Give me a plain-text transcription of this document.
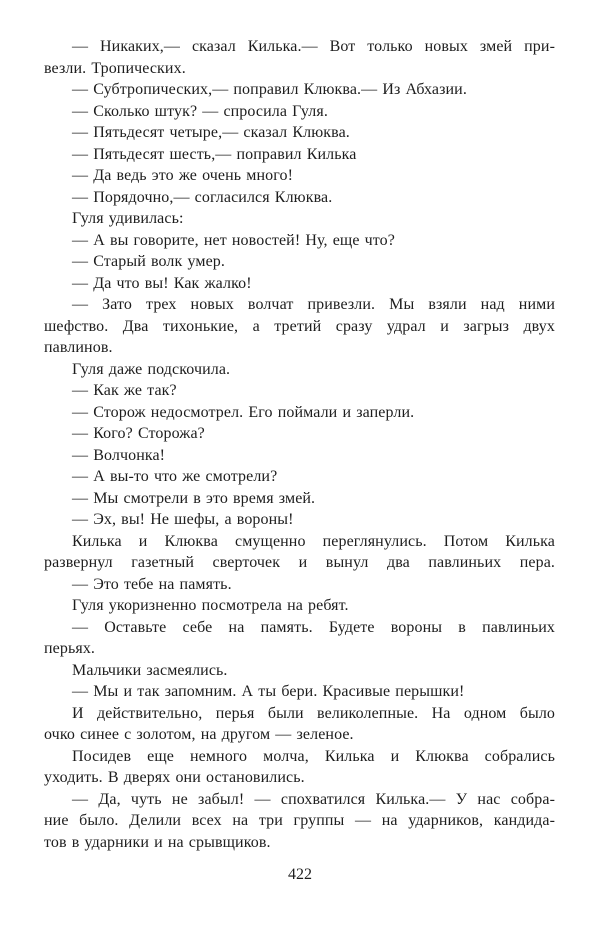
— Никаких,— сказал Килька.— Вот только новых змей при-
везли. Тропических.
— Субтропических,— поправил Клюква.— Из Абхазии.
— Сколько штук? — спросила Гуля.
— Пятьдесят четыре,— сказал Клюква.
— Пятьдесят шесть,— поправил Килька
— Да ведь это же очень много!
— Порядочно,— согласился Клюква.
Гуля удивилась:
— А вы говорите, нет новостей! Ну, еще что?
— Старый волк умер.
— Да что вы! Как жалко!
— Зато трех новых волчат привезли. Мы взяли над ними
шефство. Два тихонькие, а третий сразу удрал и загрыз двух
павлинов.
Гуля даже подскочила.
— Как же так?
— Сторож недосмотрел. Его поймали и заперли.
— Кого? Сторожа?
— Волчонка!
— А вы-то что же смотрели?
— Мы смотрели в это время змей.
— Эх, вы! Не шефы, а вороны!
Килька и Клюква смущенно переглянулись. Потом Килька
развернул газетный сверточек и вынул два павлиньих пера.
— Это тебе на память.
Гуля укоризненно посмотрела на ребят.
— Оставьте себе на память. Будете вороны в павлиньих
перьях.
Мальчики засмеялись.
— Мы и так запомним. А ты бери. Красивые перышки!
И действительно, перья были великолепные. На одном было
очко синее с золотом, на другом — зеленое.
Посидев еще немного молча, Килька и Клюква собрались
уходить. В дверях они остановились.
— Да, чуть не забыл! — спохватился Килька.— У нас собра-
ние было. Делили всех на три группы — на ударников, кандида-
тов в ударники и на срывщиков.
422
